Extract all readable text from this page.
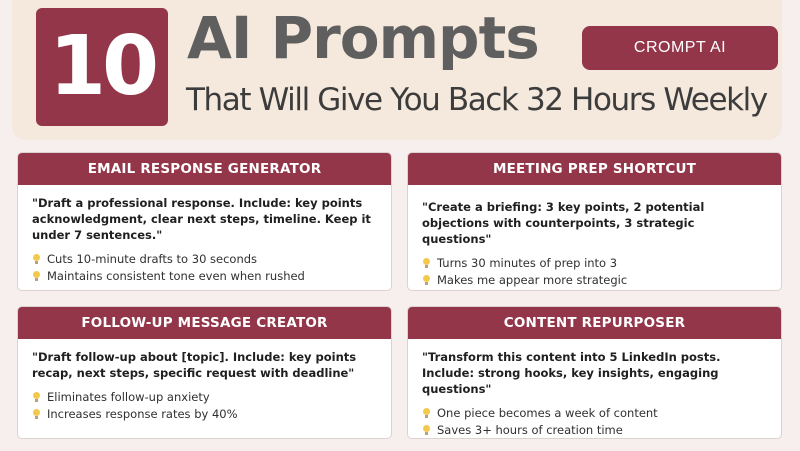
10 AI Prompts
That Will Give You Back 32 Hours Weekly
CROMPT AI
EMAIL RESPONSE GENERATOR
"Draft a professional response. Include: key points acknowledgment, clear next steps, timeline. Keep it under 7 sentences."
Cuts 10-minute drafts to 30 seconds
Maintains consistent tone even when rushed
MEETING PREP SHORTCUT
"Create a briefing: 3 key points, 2 potential objections with counterpoints, 3 strategic questions"
Turns 30 minutes of prep into 3
Makes me appear more strategic
FOLLOW-UP MESSAGE CREATOR
"Draft follow-up about [topic]. Include: key points recap, next steps, specific request with deadline"
Eliminates follow-up anxiety
Increases response rates by 40%
CONTENT REPURPOSER
"Transform this content into 5 LinkedIn posts. Include: strong hooks, key insights, engaging questions"
One piece becomes a week of content
Saves 3+ hours of creation time
